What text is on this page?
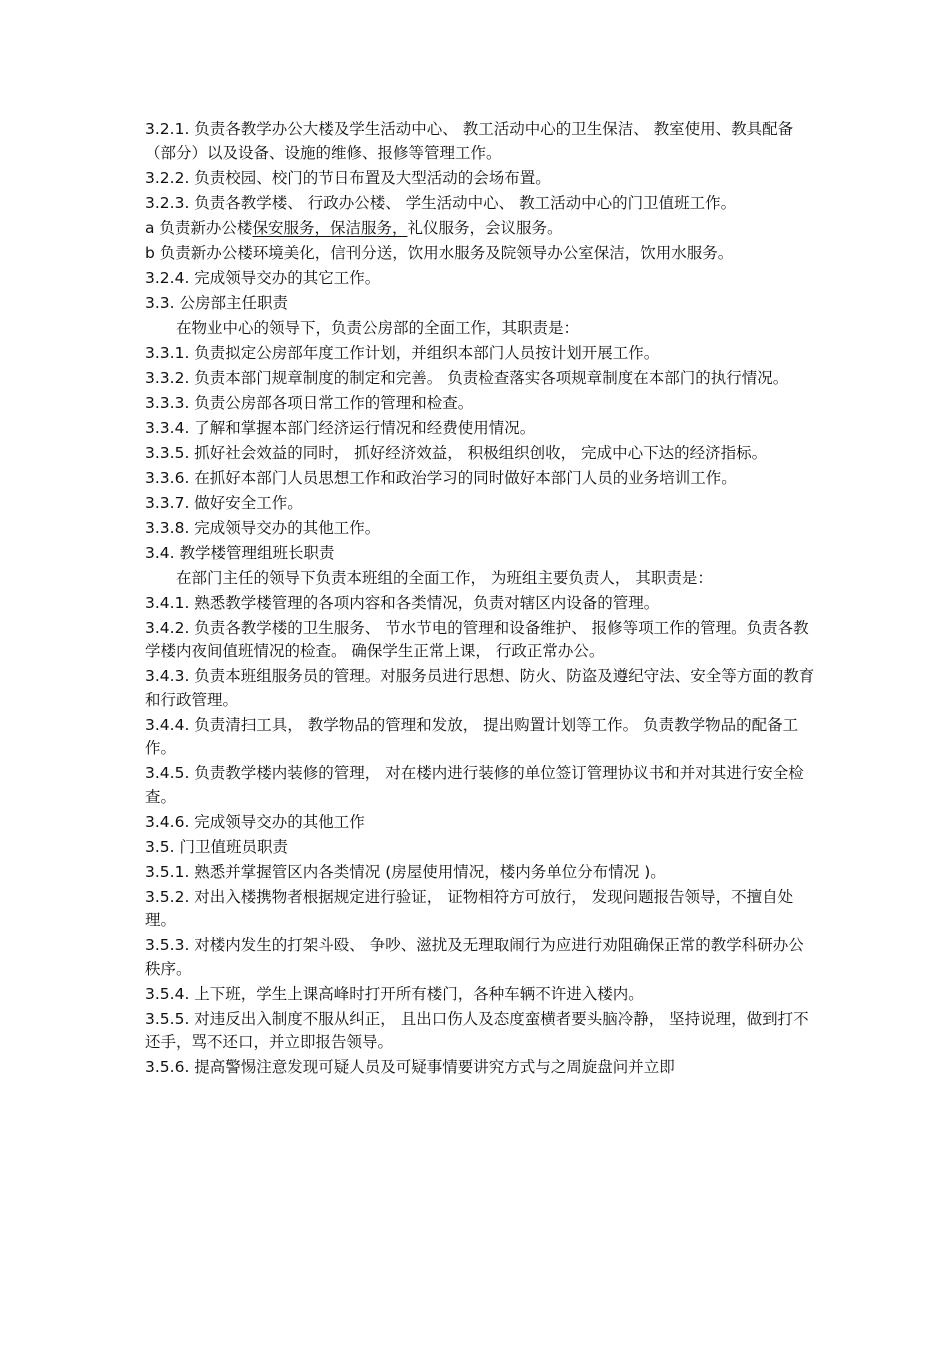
3.2.1. 负责各教学办公大楼及学生活动中心、 教工活动中心的卫生保洁、 教室使用、教具配备（部分）以及设备、设施的维修、报修等管理工作。

3.2.2. 负责校园、校门的节日布置及大型活动的会场布置。

3.2.3. 负责各教学楼、 行政办公楼、 学生活动中心、 教工活动中心的门卫值班工作。

a 负责新办公楼保安服务，保洁服务，礼仪服务，会议服务。

b 负责新办公楼环境美化，信刊分送，饮用水服务及院领导办公室保洁，饮用水服务。

3.2.4. 完成领导交办的其它工作。

3.3. 公房部主任职责

在物业中心的领导下，负责公房部的全面工作，其职责是：

3.3.1. 负责拟定公房部年度工作计划，并组织本部门人员按计划开展工作。

3.3.2. 负责本部门规章制度的制定和完善。 负责检查落实各项规章制度在本部门的执行情况。

3.3.3. 负责公房部各项日常工作的管理和检查。

3.3.4. 了解和掌握本部门经济运行情况和经费使用情况。

3.3.5. 抓好社会效益的同时， 抓好经济效益， 积极组织创收， 完成中心下达的经济指标。

3.3.6. 在抓好本部门人员思想工作和政治学习的同时做好本部门人员的业务培训工作。

3.3.7. 做好安全工作。

3.3.8. 完成领导交办的其他工作。

3.4. 教学楼管理组班长职责

在部门主任的领导下负责本班组的全面工作， 为班组主要负责人， 其职责是：

3.4.1. 熟悉教学楼管理的各项内容和各类情况，负责对辖区内设备的管理。

3.4.2. 负责各教学楼的卫生服务、 节水节电的管理和设备维护、 报修等项工作的管理。负责各教学楼内夜间值班情况的检查。 确保学生正常上课， 行政正常办公。

3.4.3. 负责本班组服务员的管理。对服务员进行思想、防火、防盗及遵纪守法、安全等方面的教育和行政管理。

3.4.4. 负责清扫工具， 教学物品的管理和发放， 提出购置计划等工作。 负责教学物品的配备工作。

3.4.5. 负责教学楼内装修的管理， 对在楼内进行装修的单位签订管理协议书和并对其进行安全检查。

3.4.6. 完成领导交办的其他工作

3.5. 门卫值班员职责

3.5.1. 熟悉并掌握管区内各类情况 (房屋使用情况，楼内务单位分布情况 )。

3.5.2. 对出入楼携物者根据规定进行验证， 证物相符方可放行， 发现问题报告领导，不擅自处理。

3.5.3. 对楼内发生的打架斗殴、 争吵、滋扰及无理取闹行为应进行劝阻确保正常的教学科研办公秩序。

3.5.4. 上下班，学生上课高峰时打开所有楼门，各种车辆不许进入楼内。

3.5.5. 对违反出入制度不服从纠正， 且出口伤人及态度蛮横者要头脑冷静， 坚持说理，做到打不还手，骂不还口，并立即报告领导。

3.5.6. 提高警惕注意发现可疑人员及可疑事情要讲究方式与之周旋盘问并立即
